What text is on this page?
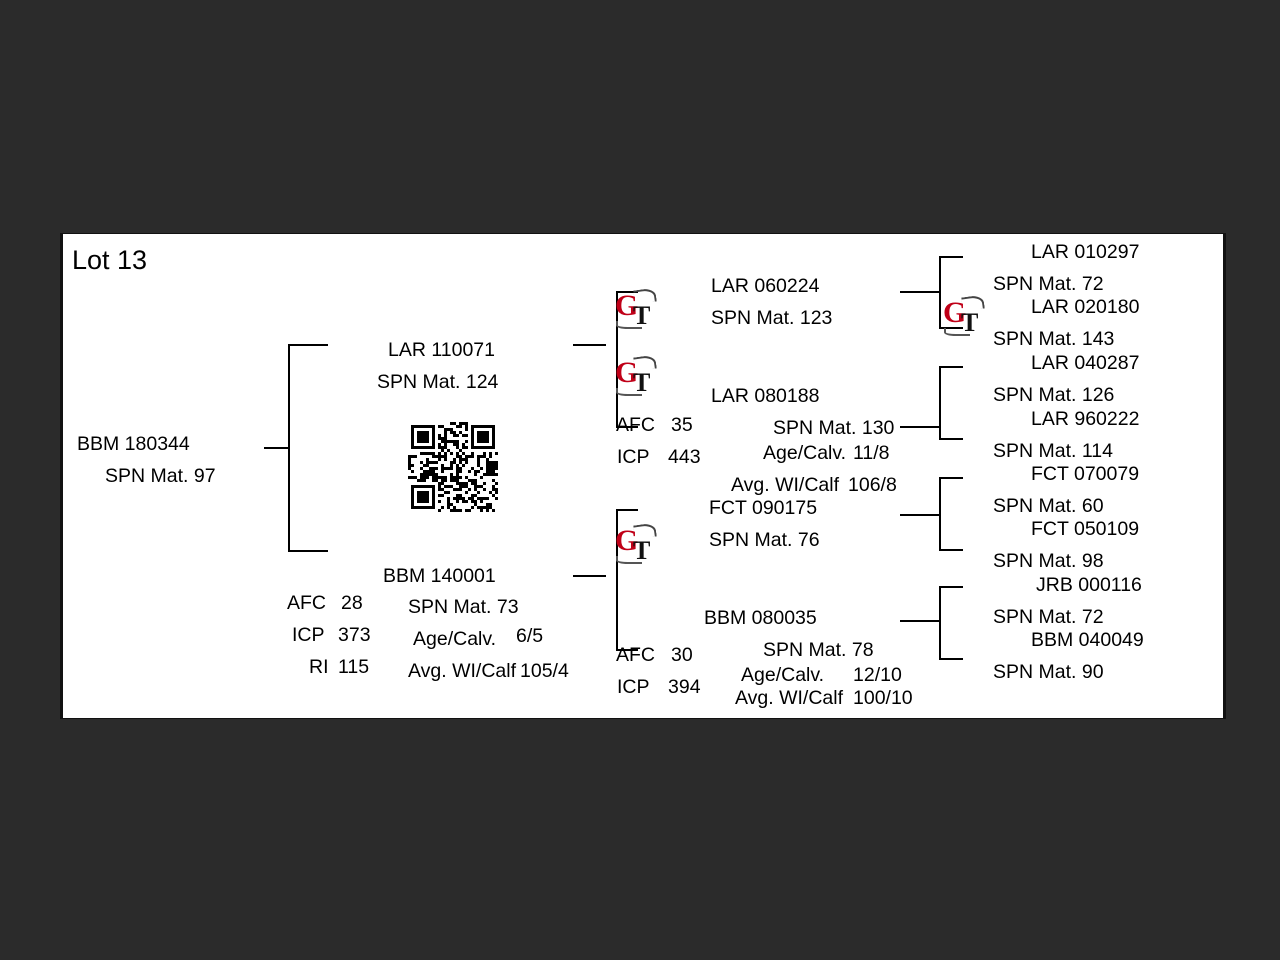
Lot 13
BBM 180344
SPN Mat. 97
AFC 28
ICP 373
RI 115
LAR 110071
SPN Mat. 124
BBM 140001
SPN Mat. 73
Age/Calv. 6/5
Avg. WI/Calf 105/4
G
T
G
T
G
T
G
T
LAR 060224
SPN Mat. 123
LAR 080188
SPN Mat. 130
AFC 35
ICP 443	Age/Calv. 11/8
Avg. WI/Calf 106/8
FCT 090175
SPN Mat. 76
BBM 080035
SPN Mat. 78
AFC 30
ICP 394
Age/Calv. 12/10
Avg. WI/Calf 100/10
LAR 010297
SPN Mat. 72
LAR 020180
SPN Mat. 143
LAR 040287
SPN Mat. 126
LAR 960222
SPN Mat. 114
FCT 070079
SPN Mat. 60
FCT 050109
SPN Mat. 98
JRB 000116
SPN Mat. 72
BBM 040049
SPN Mat. 90
